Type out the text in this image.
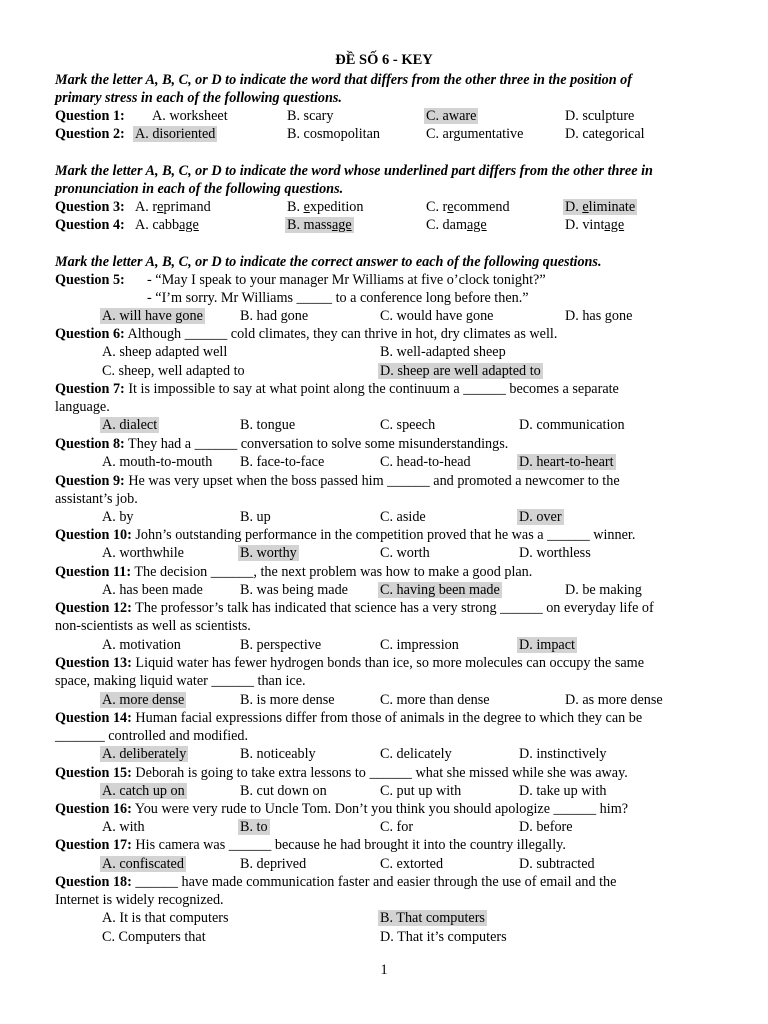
ĐỀ SỐ 6 - KEY
Mark the letter A, B, C, or D to indicate the word that differs from the other three in the position of
primary stress in each of the following questions.
Question 1: A. worksheet	B. scary	C. aware	D. sculpture
Question 2: A. disoriented	B. cosmopolitan	C. argumentative	D. categorical
Mark the letter A, B, C, or D to indicate the word whose underlined part differs from the other three in
pronunciation in each of the following questions.
Question 3: A. reprimand	B. expedition	C. recommend	D. eliminate
Question 4: A. cabbage	B. massage	C. damage	D. vintage
Mark the letter A, B, C, or D to indicate the correct answer to each of the following questions.
Question 5: - “May I speak to your manager Mr Williams at five o’clock tonight?”
- “I’m sorry. Mr Williams _____ to a conference long before then.”
A. will have gone	B. had gone	C. would have gone	D. has gone
Question 6: Although ______ cold climates, they can thrive in hot, dry climates as well.
A. sheep adapted well	B. well-adapted sheep
C. sheep, well adapted to	D. sheep are well adapted to
Question 7: It is impossible to say at what point along the continuum a ______ becomes a separate
language.
A. dialect	B. tongue	C. speech	D. communication
Question 8: They had a ______ conversation to solve some misunderstandings.
A. mouth-to-mouth B. face-to-face	C. head-to-head	D. heart-to-heart
Question 9: He was very upset when the boss passed him ______ and promoted a newcomer to the
assistant’s job.
A. by	B. up	C. aside	D. over
Question 10: John’s outstanding performance in the competition proved that he was a ______ winner.
A. worthwhile	B. worthy	C. worth	D. worthless
Question 11: The decision ______, the next problem was how to make a good plan.
A. has been made	B. was being made C. having been made	D. be making
Question 12: The professor’s talk has indicated that science has a very strong ______ on everyday life of
non-scientists as well as scientists.
A. motivation	B. perspective	C. impression	D. impact
Question 13: Liquid water has fewer hydrogen bonds than ice, so more molecules can occupy the same
space, making liquid water ______ than ice.
A. more dense	B. is more dense	C. more than dense	D. as more dense
Question 14: Human facial expressions differ from those of animals in the degree to which they can be
_______ controlled and modified.
A. deliberately	B. noticeably	C. delicately	D. instinctively
Question 15: Deborah is going to take extra lessons to ______ what she missed while she was away.
A. catch up on	B. cut down on	C. put up with	D. take up with
Question 16: You were very rude to Uncle Tom. Don’t you think you should apologize ______ him?
A. with	B. to	C. for	D. before
Question 17: His camera was ______ because he had brought it into the country illegally.
A. confiscated	B. deprived	C. extorted	D. subtracted
Question 18: ______ have made communication faster and easier through the use of email and the
Internet is widely recognized.
A. It is that computers	B. That computers
C. Computers that	D. That it’s computers
1
